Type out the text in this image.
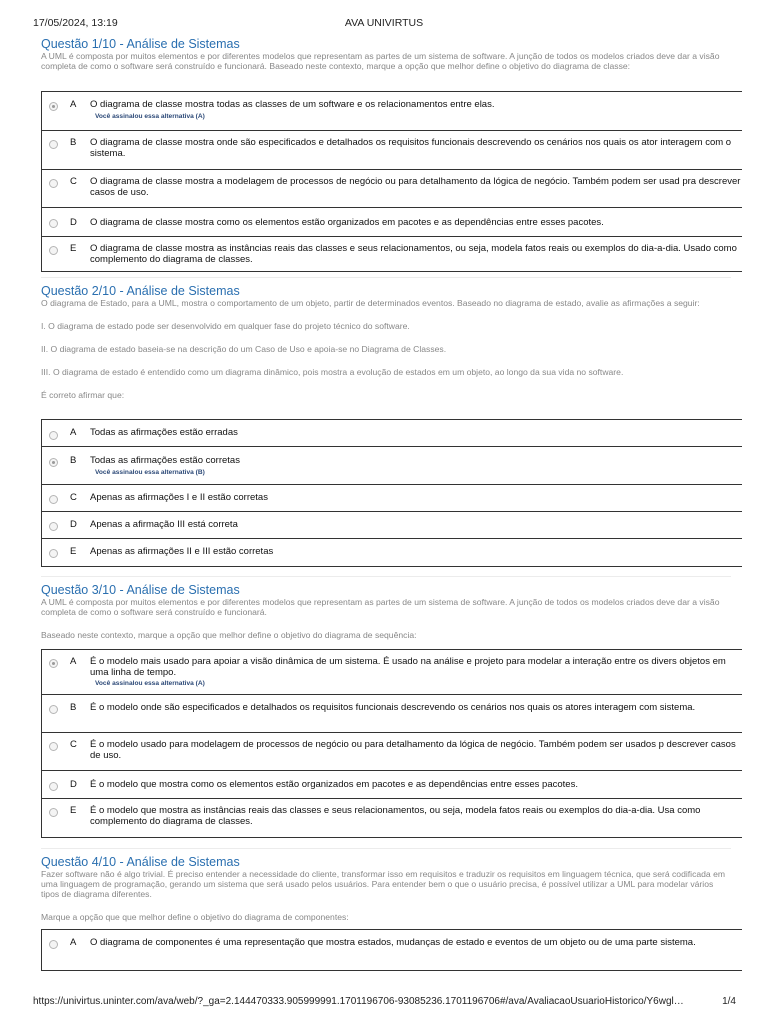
17/05/2024, 13:19	AVA UNIVIRTUS

Questão 1/10 - Análise de Sistemas

A UML é composta por muitos elementos e por diferentes modelos que representam as partes de um sistema de software. A junção de todos os modelos criados deve dar a visão completa de como o software será construído e funcionará. Baseado neste contexto, marque a opção que melhor define o objetivo do diagrama de classe:

A O diagrama de classe mostra todas as classes de um software e os relacionamentos entre elas.
Você assinalou essa alternativa (A)
B O diagrama de classe mostra onde são especificados e detalhados os requisitos funcionais descrevendo os cenários nos quais os ator interagem com o sistema.
C O diagrama de classe mostra a modelagem de processos de negócio ou para detalhamento da lógica de negócio. Também podem ser usad pra descrever casos de uso.
D O diagrama de classe mostra como os elementos estão organizados em pacotes e as dependências entre esses pacotes.
E O diagrama de classe mostra as instâncias reais das classes e seus relacionamentos, ou seja, modela fatos reais ou exemplos do dia-a-dia. Usado como complemento do diagrama de classes.

Questão 2/10 - Análise de Sistemas

O diagrama de Estado, para a UML, mostra o comportamento de um objeto, partir de determinados eventos. Baseado no diagrama de estado, avalie as afirmações a seguir:

I. O diagrama de estado pode ser desenvolvido em qualquer fase do projeto técnico do software.

II. O diagrama de estado baseia-se na descrição do um Caso de Uso e apoia-se no Diagrama de Classes.

III. O diagrama de estado é entendido como um diagrama dinâmico, pois mostra a evolução de estados em um objeto, ao longo da sua vida no software.

É correto afirmar que:

A Todas as afirmações estão erradas
B Todas as afirmações estão corretas
Você assinalou essa alternativa (B)
C Apenas as afirmações I e II estão corretas
D Apenas a afirmação III está correta
E Apenas as afirmações II e III estão corretas

Questão 3/10 - Análise de Sistemas

A UML é composta por muitos elementos e por diferentes modelos que representam as partes de um sistema de software. A junção de todos os modelos criados deve dar a visão completa de como o software será construído e funcionará.

Baseado neste contexto, marque a opção que melhor define o objetivo do diagrama de sequência:

A É o modelo mais usado para apoiar a visão dinâmica de um sistema. É usado na análise e projeto para modelar a interação entre os divers objetos em uma linha de tempo.
Você assinalou essa alternativa (A)
B É o modelo onde são especificados e detalhados os requisitos funcionais descrevendo os cenários nos quais os atores interagem com sistema.
C É o modelo usado para modelagem de processos de negócio ou para detalhamento da lógica de negócio. Também podem ser usados p descrever casos de uso.
D É o modelo que mostra como os elementos estão organizados em pacotes e as dependências entre esses pacotes.
E É o modelo que mostra as instâncias reais das classes e seus relacionamentos, ou seja, modela fatos reais ou exemplos do dia-a-dia. Usa como complemento do diagrama de classes.

Questão 4/10 - Análise de Sistemas

Fazer software não é algo trivial. É preciso entender a necessidade do cliente, transformar isso em requisitos e traduzir os requisitos em linguagem técnica, que será codificada em uma linguagem de programação, gerando um sistema que será usado pelos usuários. Para entender bem o que o usuário precisa, é possível utilizar a UML para modelar vários tipos de diagrama diferentes.

Marque a opção que que melhor define o objetivo do diagrama de componentes:

A O diagrama de componentes é uma representação que mostra estados, mudanças de estado e eventos de um objeto ou de uma parte sistema.
https://univirtus.uninter.com/ava/web/?_ga=2.144470333.905999991.1701196706-93085236.1701196706#/ava/AvaliacaoUsuarioHistorico/Y6wgl…	1/4
